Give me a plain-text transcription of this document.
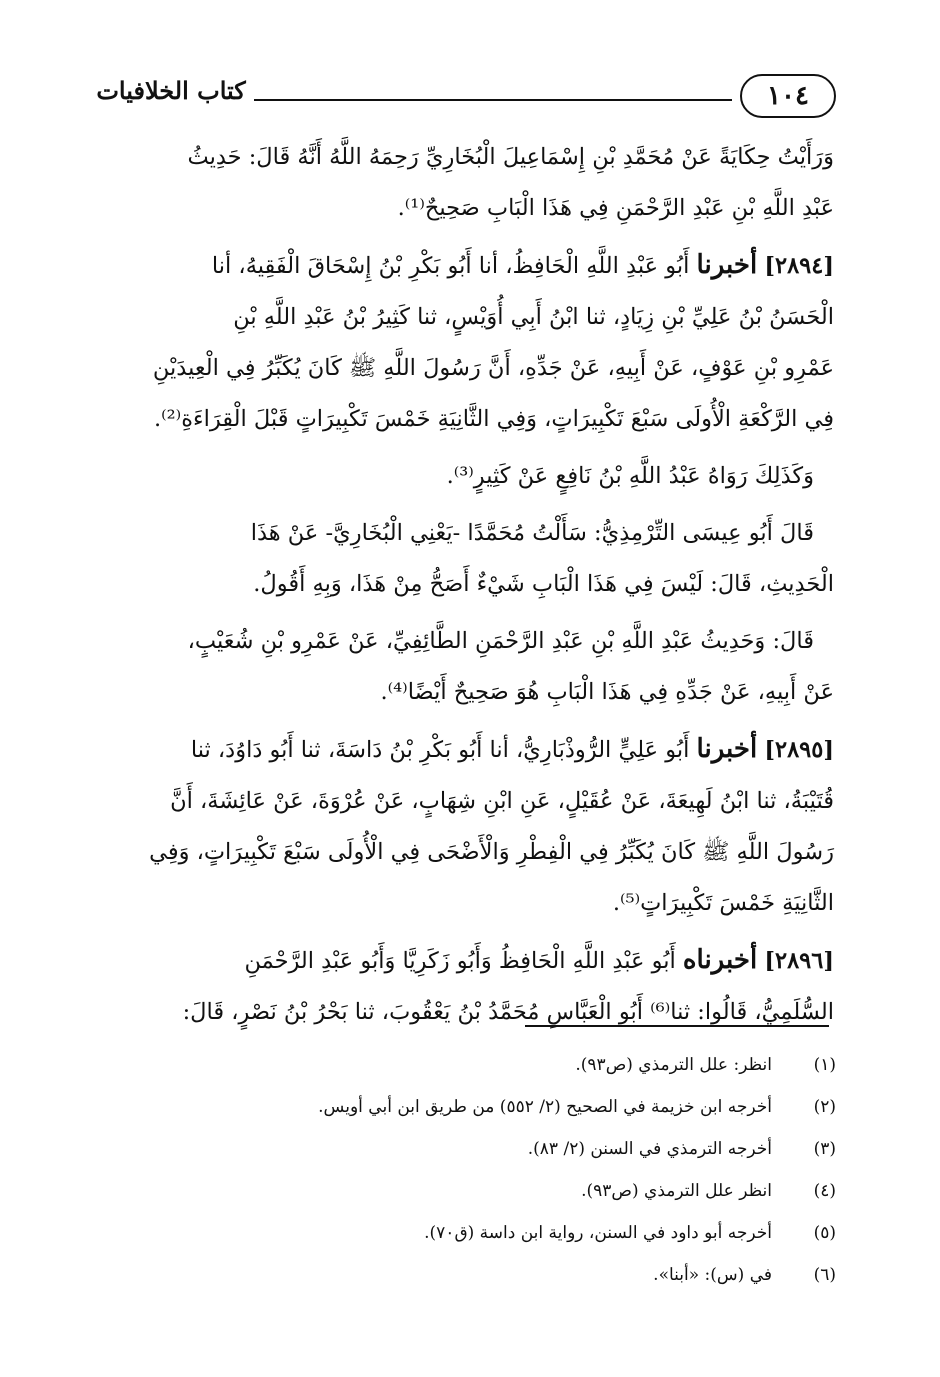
كتاب الخلافيات	١٠٤

وَرَأَيْتُ حِكَايَةً عَنْ مُحَمَّدِ بْنِ إِسْمَاعِيلَ الْبُخَارِيِّ رَحِمَهُ اللَّهُ أَنَّهُ قَالَ: حَدِيثُ
عَبْدِ اللَّهِ بْنِ عَبْدِ الرَّحْمَنِ فِي هَذَا الْبَابِ صَحِيحٌ⁽¹⁾.

[٢٨٩٤] أخبرنا أَبُو عَبْدِ اللَّهِ الْحَافِظُ، أنا أَبُو بَكْرِ بْنُ إِسْحَاقَ الْفَقِيهُ، أنا
الْحَسَنُ بْنُ عَلِيِّ بْنِ زِيَادٍ، ثنا ابْنُ أَبِي أُوَيْسٍ، ثنا كَثِيرُ بْنُ عَبْدِ اللَّهِ بْنِ
عَمْرِو بْنِ عَوْفٍ، عَنْ أَبِيهِ، عَنْ جَدِّهِ، أَنَّ رَسُولَ اللَّهِ ﷺ كَانَ يُكَبِّرُ فِي الْعِيدَيْنِ
فِي الرَّكْعَةِ الْأُولَى سَبْعَ تَكْبِيرَاتٍ، وَفِي الثَّانِيَةِ خَمْسَ تَكْبِيرَاتٍ قَبْلَ الْقِرَاءَةِ⁽²⁾.

وَكَذَلِكَ رَوَاهُ عَبْدُ اللَّهِ بْنُ نَافِعٍ عَنْ كَثِيرٍ⁽³⁾.

قَالَ أَبُو عِيسَى التِّرْمِذِيُّ: سَأَلْتُ مُحَمَّدًا -يَعْنِي الْبُخَارِيَّ- عَنْ هَذَا
الْحَدِيثِ، قَالَ: لَيْسَ فِي هَذَا الْبَابِ شَيْءٌ أَصَحُّ مِنْ هَذَا، وَبِهِ أَقُولُ.

قَالَ: وَحَدِيثُ عَبْدِ اللَّهِ بْنِ عَبْدِ الرَّحْمَنِ الطَّائِفِيِّ، عَنْ عَمْرِو بْنِ شُعَيْبٍ،
عَنْ أَبِيهِ، عَنْ جَدِّهِ فِي هَذَا الْبَابِ هُوَ صَحِيحٌ أَيْضًا⁽⁴⁾.

[٢٨٩٥] أخبرنا أَبُو عَلِيٍّ الرُّوذْبَارِيُّ، أنا أَبُو بَكْرِ بْنُ دَاسَةَ، ثنا أَبُو دَاوُدَ، ثنا
قُتَيْبَةُ، ثنا ابْنُ لَهِيعَةَ، عَنْ عُقَيْلٍ، عَنِ ابْنِ شِهَابٍ، عَنْ عُرْوَةَ، عَنْ عَائِشَةَ، أَنَّ
رَسُولَ اللَّهِ ﷺ كَانَ يُكَبِّرُ فِي الْفِطْرِ وَالْأَضْحَى فِي الْأُولَى سَبْعَ تَكْبِيرَاتٍ، وَفِي
الثَّانِيَةِ خَمْسَ تَكْبِيرَاتٍ⁽⁵⁾.

[٢٨٩٦] أخبرناه أَبُو عَبْدِ اللَّهِ الْحَافِظُ وَأَبُو زَكَرِيَّا وَأَبُو عَبْدِ الرَّحْمَنِ
السُّلَمِيُّ، قَالُوا: ثنا⁽⁶⁾ أَبُو الْعَبَّاسِ مُحَمَّدُ بْنُ يَعْقُوبَ، ثنا بَحْرُ بْنُ نَصْرٍ، قَالَ:

(١)
انظر: علل الترمذي (ص٩٣).
(٢)
أخرجه ابن خزيمة في الصحيح (٢/ ٥٥٢) من طريق ابن أبي أويس.
(٣)
أخرجه الترمذي في السنن (٢/ ٨٣).
(٤)
انظر علل الترمذي (ص٩٣).
(٥)
أخرجه أبو داود في السنن، رواية ابن داسة (ق٧٠).
(٦)
في (س): «أبنا».
